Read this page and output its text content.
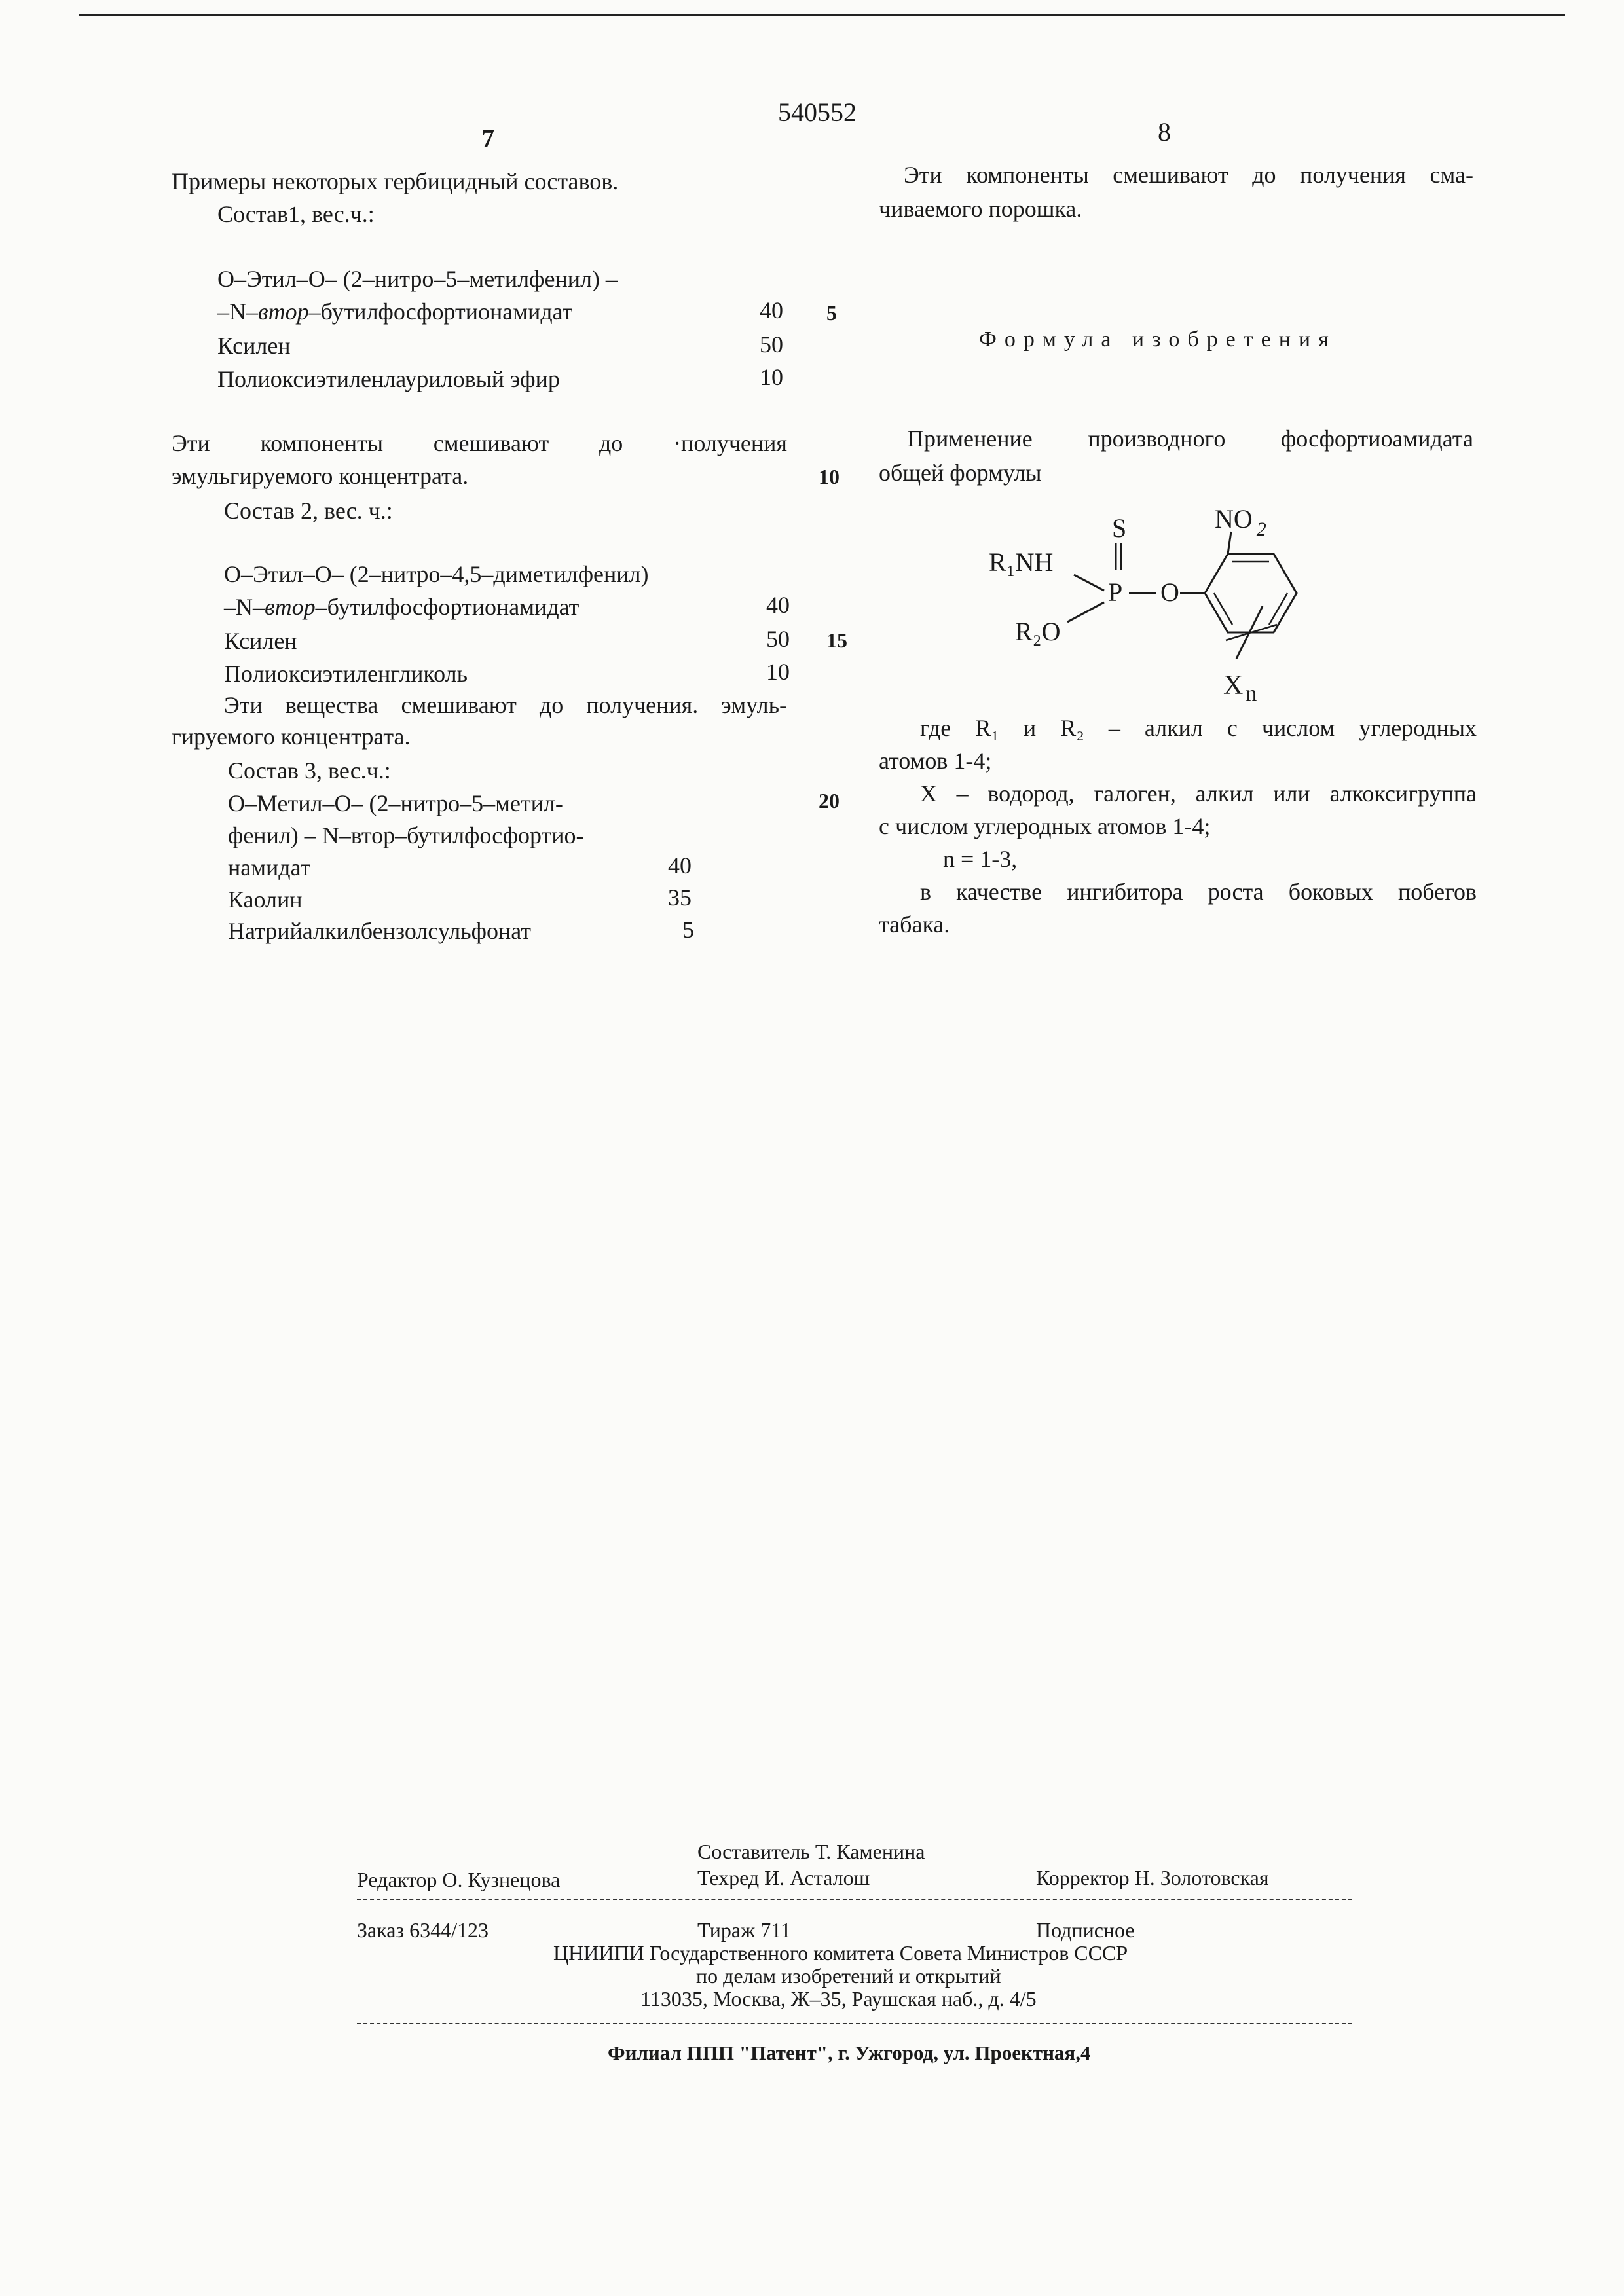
540552
7	8
Примеры некоторых гербицидный составов.
Состав1, вес.ч.:
O–Этил–O– (2–нитро–5–метилфенил) –
–N–втор–бутилфосфортионамидат	40
Ксилен	50
Полиоксиэтиленлауриловый эфир	10
Эти компоненты смешивают до ·получения
эмульгируемого концентрата.
Состав 2, вес. ч.:
O–Этил–O– (2–нитро–4,5–диметилфенил)
–N–втор–бутилфосфортионамидат	40
Ксилен	50
Полиоксиэтиленгликоль	10
Эти вещества смешивают до получения. эмуль-
гируемого концентрата.
Состав 3, вес.ч.:
O–Метил–O– (2–нитро–5–метил-
фенил) – N–втор–бутилфосфортио-
намидат	40
Каолин	35
Натрийалкилбензолсульфонат	5
5
10
15
20
Эти компоненты смешивают до получения сма-
чиваемого порошка.
Формула изобретения
Применение производного фосфортиоамидата
общей формулы
S
R₁NH
P O
R₂O
NO $_2$
X $_n$
где R₁ и R₂ – алкил с числом углеродных
атомов 1-4;
X – водород, галоген, алкил или алкоксигруппа
с числом углеродных атомов 1-4;
n = 1-3,
в качестве ингибитора роста боковых побегов
табака.
Составитель Т. Каменина
Редактор О. Кузнецова	Техред И. Асталош	Корректор Н. Золотовская
Заказ 6344/123	Тираж 711	Подписное
ЦНИИПИ Государственного комитета Совета Министров СССР
по делам изобретений и открытий
113035, Москва, Ж–35, Раушская наб., д. 4/5
Филиал ППП "Патент", г. Ужгород, ул. Проектная,4
